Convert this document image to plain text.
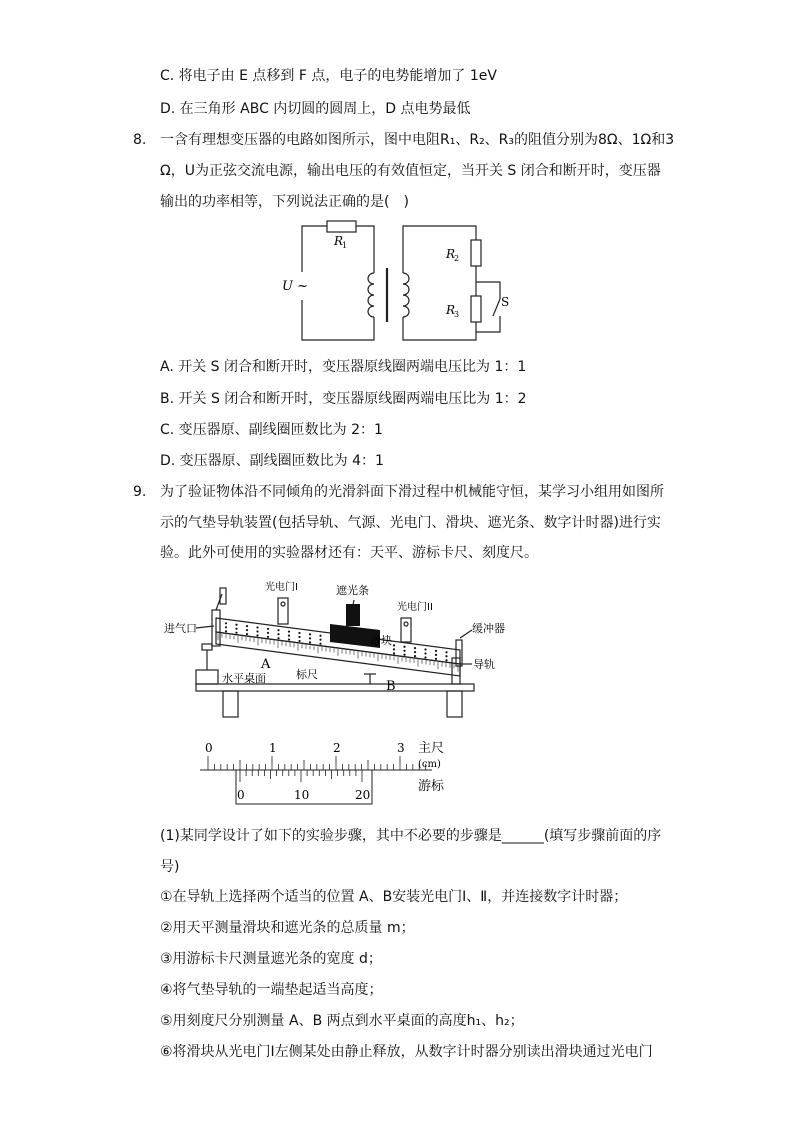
C. 将电子由 E 点移到 F 点，电子的电势能增加了 1eV
D. 在三角形 ABC 内切圆的圆周上，D 点电势最低
8. 一含有理想变压器的电路如图所示，图中电阻R₁、R₂、R₃的阻值分别为8Ω、1Ω和3
Ω，U为正弦交流电源，输出电压的有效值恒定，当开关 S 闭合和断开时，变压器
输出的功率相等，下列说法正确的是(　)
R
1
U ~
R
2
R
3
S
A. 开关 S 闭合和断开时，变压器原线圈两端电压比为 1：1
B. 开关 S 闭合和断开时，变压器原线圈两端电压比为 1：2
C. 变压器原、副线圈匝数比为 2：1
D. 变压器原、副线圈匝数比为 4：1
9. 为了验证物体沿不同倾角的光滑斜面下滑过程中机械能守恒，某学习小组用如图所
示的气垫导轨装置(包括导轨、气源、光电门、滑块、遮光条、数字计时器)进行实
验。此外可使用的实验器材还有：天平、游标卡尺、刻度尺。
光电门I	遮光条
光电门II
进气口
滑块
缓冲器
导轨
A
B
水平桌面	标尺
0	1	2	3
0	10	20
主尺
(cm)
游标
(1)某同学设计了如下的实验步骤，其中不必要的步骤是______(填写步骤前面的序
号)
①在导轨上选择两个适当的位置 A、B安装光电门Ⅰ、Ⅱ，并连接数字计时器；
②用天平测量滑块和遮光条的总质量 m；
③用游标卡尺测量遮光条的宽度 d；
④将气垫导轨的一端垫起适当高度；
⑤用刻度尺分别测量 A、B 两点到水平桌面的高度h₁、h₂；
⑥将滑块从光电门Ⅰ左侧某处由静止释放，从数字计时器分别读出滑块通过光电门
